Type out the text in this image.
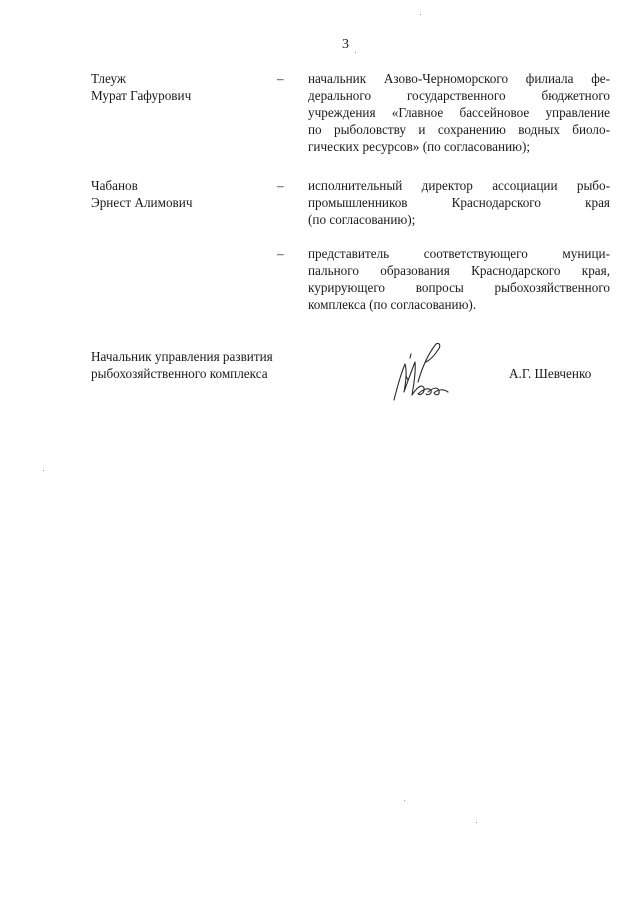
3
Тлеуж
Мурат Гафурович
– начальник Азово-Черноморского филиала фе-
дерального государственного бюджетного
учреждения «Главное бассейновое управление
по рыболовству и сохранению водных биоло-
гических ресурсов» (по согласованию);
Чабанов
Эрнест Алимович
– исполнительный директор ассоциации рыбо-
промышленников Краснодарского края
(по согласованию);
– представитель соответствующего муници-
пального образования Краснодарского края,
курирующего вопросы рыбохозяйственного
комплекса (по согласованию).
Начальник управления развития
рыбохозяйственного комплекса	А.Г. Шевченко
